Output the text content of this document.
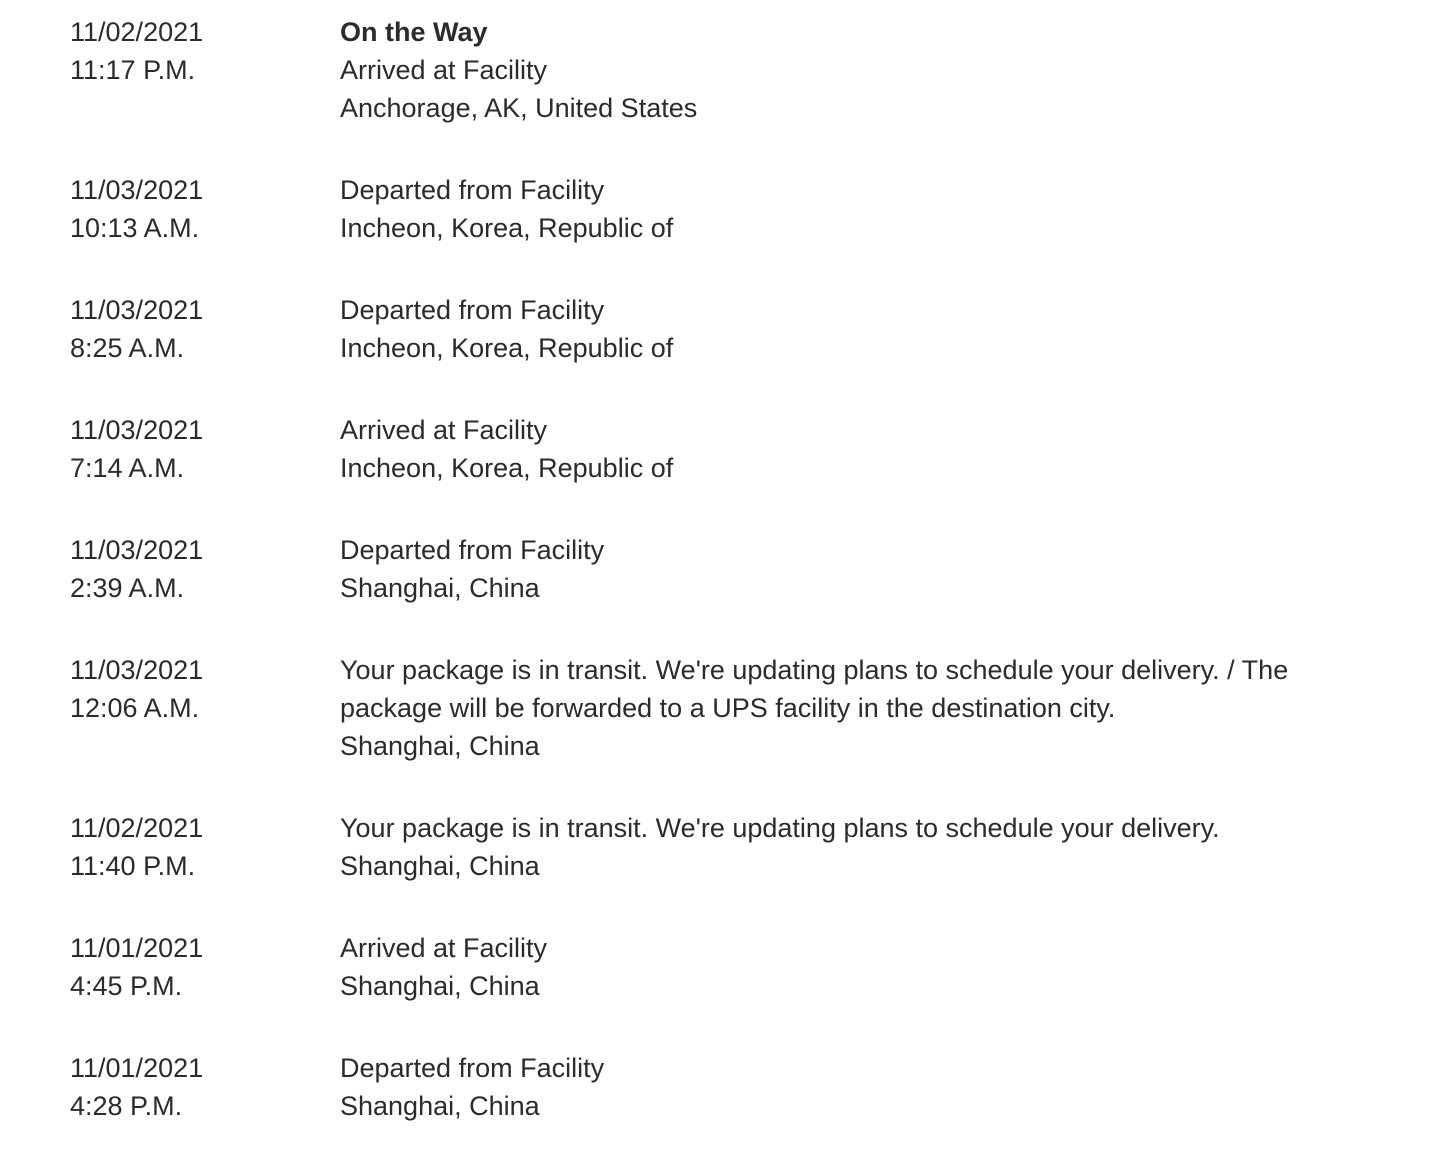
11/02/2021
11:17 P.M.
On the Way
Arrived at Facility
Anchorage, AK, United States
11/03/2021
10:13 A.M.
Departed from Facility
Incheon, Korea, Republic of
11/03/2021
8:25 A.M.
Departed from Facility
Incheon, Korea, Republic of
11/03/2021
7:14 A.M.
Arrived at Facility
Incheon, Korea, Republic of
11/03/2021
2:39 A.M.
Departed from Facility
Shanghai, China
11/03/2021
12:06 A.M.
Your package is in transit. We're updating plans to schedule your delivery. / The package will be forwarded to a UPS facility in the destination city.
Shanghai, China
11/02/2021
11:40 P.M.
Your package is in transit. We're updating plans to schedule your delivery.
Shanghai, China
11/01/2021
4:45 P.M.
Arrived at Facility
Shanghai, China
11/01/2021
4:28 P.M.
Departed from Facility
Shanghai, China
